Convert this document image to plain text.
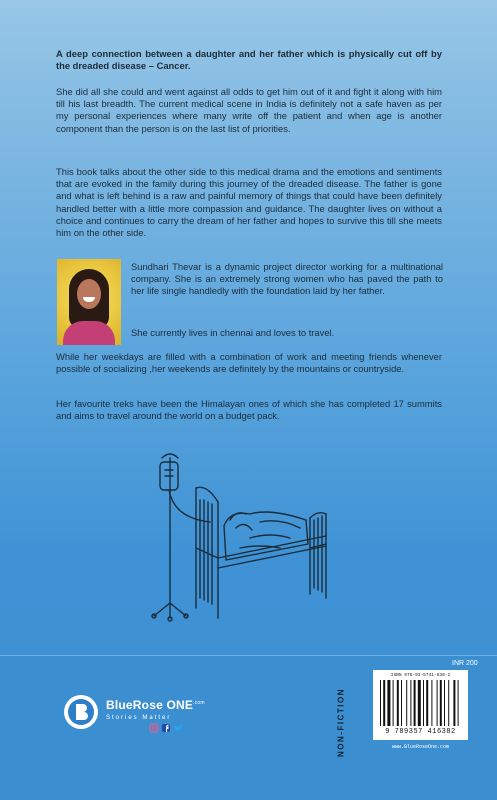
A deep connection between a daughter and her father which is physically cut off by the dreaded disease – Cancer.

She did all she could and went against all odds to get him out of it and fight it along with him till his last breadth. The current medical scene in India is definitely not a safe haven as per my personal experiences where many write off the patient and when age is another component than the person is on the last list of priorities.

This book talks about the other side to this medical drama and the emotions and sentiments that are evoked in the family during this journey of the dreaded disease. The father is gone and what is left behind is a raw and painful memory of things that could have been definitely handled better with a little more compassion and guidance. The daughter lives on without a choice and continues to carry the dream of her father and hopes to survive this till she meets him on the other side.

Sundhari Thevar is a dynamic project director working for a multinational company. She is an extremely strong women who has paved the path to her life single handledly with the foundation laid by her father.

She currently lives in chennai and loves to travel.

While her weekdays are filled with a combination of work and meeting friends whenever possible of socializing ,her weekends are definitely by the mountains or countryside.

Her favourite treks have been the Himalayan ones of which she has completed 17 summits and aims to travel around the world on a budget pack.

BlueRose $ONE^{.com}$
Stories Matter	NON-FICTION
INR 200
ISBN 978-93-5741-638-2
9 789357 416382
www.BlueRoseOne.com
